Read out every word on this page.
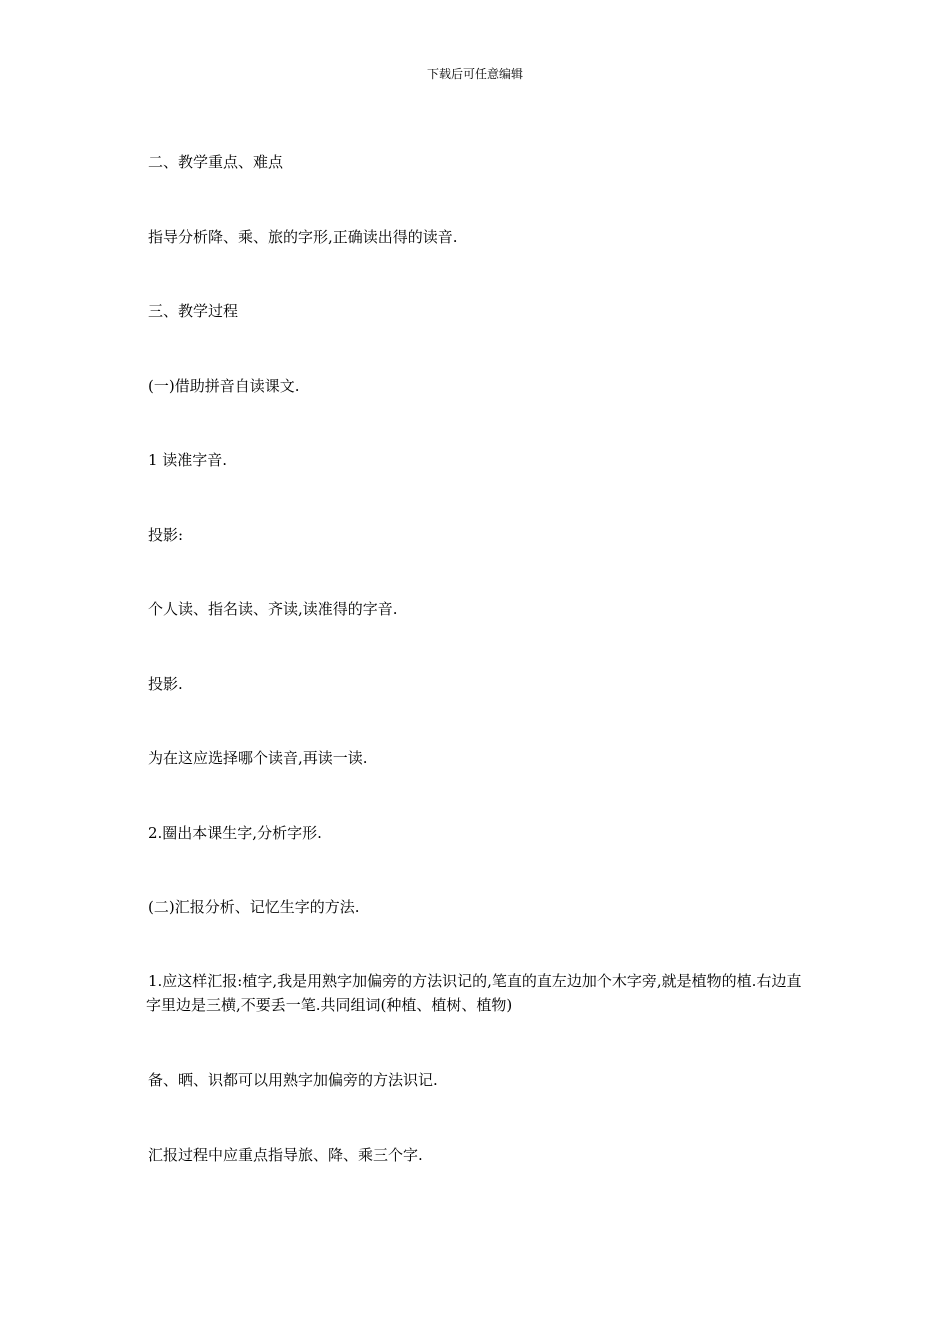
下载后可任意编辑
二、教学重点、难点
指导分析降、乘、旅的字形,正确读出得的读音.
三、教学过程
(一)借助拼音自读课文.
1 读准字音.
投影:
个人读、指名读、齐读,读准得的字音.
投影.
为在这应选择哪个读音,再读一读.
2.圈出本课生字,分析字形.
(二)汇报分析、记忆生字的方法.
1.应这样汇报:植字,我是用熟字加偏旁的方法识记的,笔直的直左边加个木字旁,就是植物的植.右边直字里边是三横,不要丢一笔.共同组词(种植、植树、植物)
备、晒、识都可以用熟字加偏旁的方法识记.
汇报过程中应重点指导旅、降、乘三个字.
